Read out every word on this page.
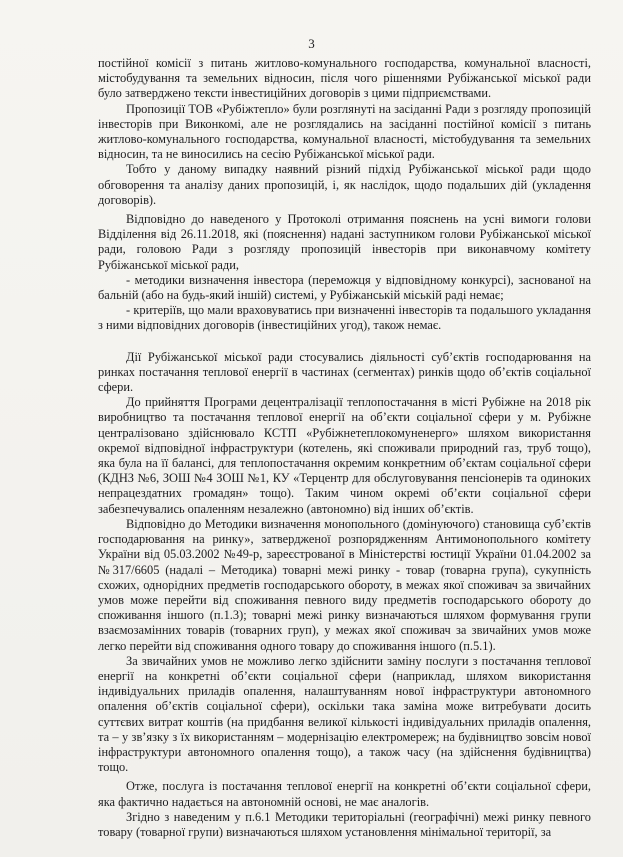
3

постійної комісії з питань житлово-комунального господарства, комунальної власності, містобудування та земельних відносин, після чого рішеннями Рубіжанської міської ради було затверджено тексти інвестиційних договорів з цими підприємствами.

Пропозиції ТОВ «Рубіжтепло» були розглянуті на засіданні Ради з розгляду пропозицій інвесторів при Виконкомі, але не розглядались на засіданні постійної комісії з питань житлово-комунального господарства, комунальної власності, містобудування та земельних відносин, та не виносились на сесію Рубіжанської міської ради.

Тобто у даному випадку наявний різний підхід Рубіжанської міської ради щодо обговорення та аналізу даних пропозицій, і, як наслідок, щодо подальших дій (укладення договорів).

Відповідно до наведеного у Протоколі отримання пояснень на усні вимоги голови Відділення від 26.11.2018, які (пояснення) надані заступником голови Рубіжанської міської ради, головою Ради з розгляду пропозицій інвесторів при виконавчому комітету Рубіжанської міської ради,

- методики визначення інвестора (переможця у відповідному конкурсі), заснованої на бальній (або на будь-який іншій) системі, у Рубіжанській міській раді немає;

- критеріїв, що мали враховуватись при визначенні інвесторів та подальшого укладання з ними відповідних договорів (інвестиційних угод), також немає.

Дії Рубіжанської міської ради стосувались діяльності суб’єктів господарювання на ринках постачання теплової енергії в частинах (сегментах) ринків щодо об’єктів соціальної сфери.

До прийняття Програми децентралізації теплопостачання в місті Рубіжне на 2018 рік виробництво та постачання теплової енергії на об’єкти соціальної сфери у м. Рубіжне централізовано здійснювало КСТП «Рубіжнетеплокомуненерго» шляхом використання окремої відповідної інфраструктури (котелень, які споживали природний газ, труб тощо), яка була на її балансі, для теплопостачання окремим конкретним об’єктам соціальної сфери (КДНЗ №6, ЗОШ №4 ЗОШ №1, КУ «Терцентр для обслуговування пенсіонерів та одиноких непрацездатних громадян» тощо). Таким чином окремі об’єкти соціальної сфери забезпечувались опаленням незалежно (автономно) від інших об’єктів.

Відповідно до Методики визначення монопольного (домінуючого) становища суб’єктів господарювання на ринку», затвердженої розпорядженням Антимонопольного комітету України від 05.03.2002 №49-р, зареєстрованої в Міністерстві юстиції України 01.04.2002 за №317/6605 (надалі – Методика) товарні межі ринку - товар (товарна група), сукупність схожих, однорідних предметів господарського обороту, в межах якої споживач за звичайних умов може перейти від споживання певного виду предметів господарського обороту до споживання іншого (п.1.3); товарні межі ринку визначаються шляхом формування групи взаємозамінних товарів (товарних груп), у межах якої споживач за звичайних умов може легко перейти від споживання одного товару до споживання іншого (п.5.1).

За звичайних умов не можливо легко здійснити заміну послуги з постачання теплової енергії на конкретні об’єкти соціальної сфери (наприклад, шляхом використання індивідуальних приладів опалення, налаштуванням нової інфраструктури автономного опалення об’єктів соціальної сфери), оскільки така заміна може витребувати досить суттєвих витрат коштів (на придбання великої кількості індивідуальних приладів опалення, та – у зв’язку з їх використанням – модернізацію електромереж; на будівництво зовсім нової інфраструктури автономного опалення тощо), а також часу (на здійснення будівництва) тощо.

Отже, послуга із постачання теплової енергії на конкретні об’єкти соціальної сфери, яка фактично надається на автономній основі, не має аналогів.

Згідно з наведеним у п.6.1 Методики територіальні (географічні) межі ринку певного товару (товарної групи) визначаються шляхом установлення мінімальної території, за
